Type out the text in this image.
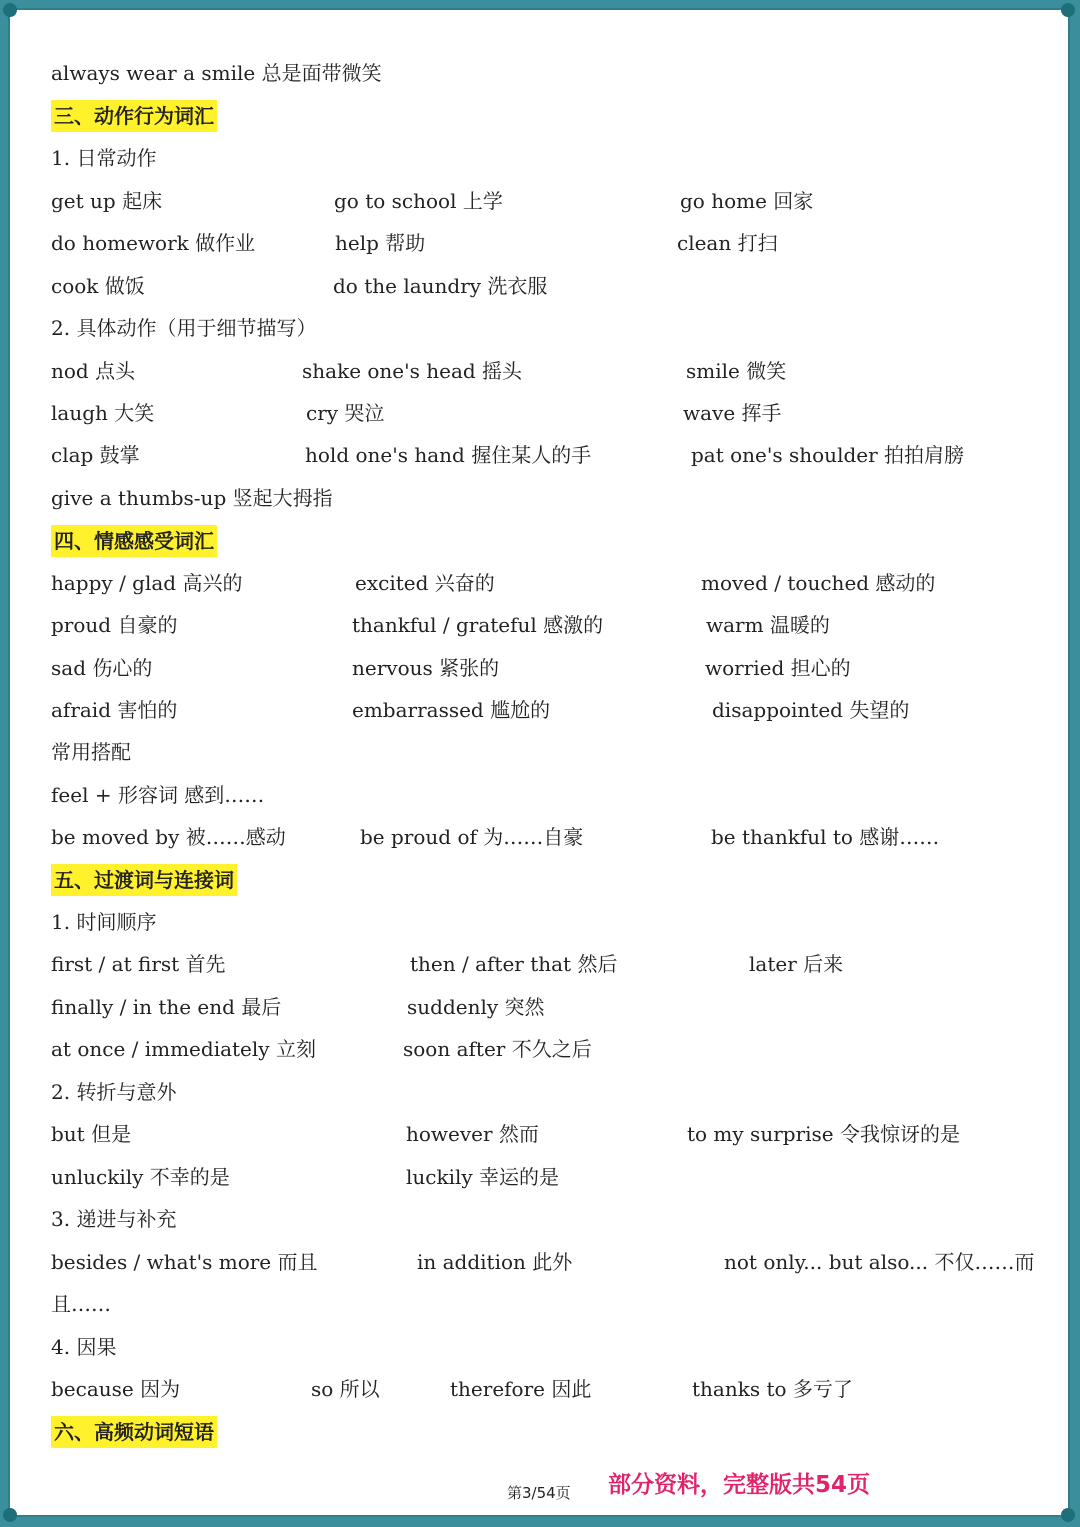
always wear a smile 总是面带微笑
三、动作行为词汇
1. 日常动作
get up 起床	go to school 上学	go home 回家
do homework 做作业	help 帮助	clean 打扫
cook 做饭	do the laundry 洗衣服
2. 具体动作（用于细节描写）
nod 点头	shake one's head 摇头	smile 微笑
laugh 大笑	cry 哭泣	wave 挥手
clap 鼓掌	hold one's hand 握住某人的手	pat one's shoulder 拍拍肩膀
give a thumbs-up 竖起大拇指
四、情感感受词汇
happy / glad 高兴的	excited 兴奋的	moved / touched 感动的
proud 自豪的	thankful / grateful 感激的	warm 温暖的
sad 伤心的	nervous 紧张的	worried 担心的
afraid 害怕的	embarrassed 尴尬的	disappointed 失望的
常用搭配
feel + 形容词 感到……
be moved by 被……感动	be proud of 为……自豪	be thankful to 感谢……
五、过渡词与连接词
1. 时间顺序
first / at first 首先	then / after that 然后	later 后来
finally / in the end 最后	suddenly 突然
at once / immediately 立刻	soon after 不久之后
2. 转折与意外
but 但是	however 然而	to my surprise 令我惊讶的是
unluckily 不幸的是	luckily 幸运的是
3. 递进与补充
besides / what's more 而且	in addition 此外	not only... but also... 不仅……而
且……
4. 因果
because 因为	so 所以	therefore 因此	thanks to 多亏了
六、高频动词短语
第3/54页 部分资料，完整版共54页
